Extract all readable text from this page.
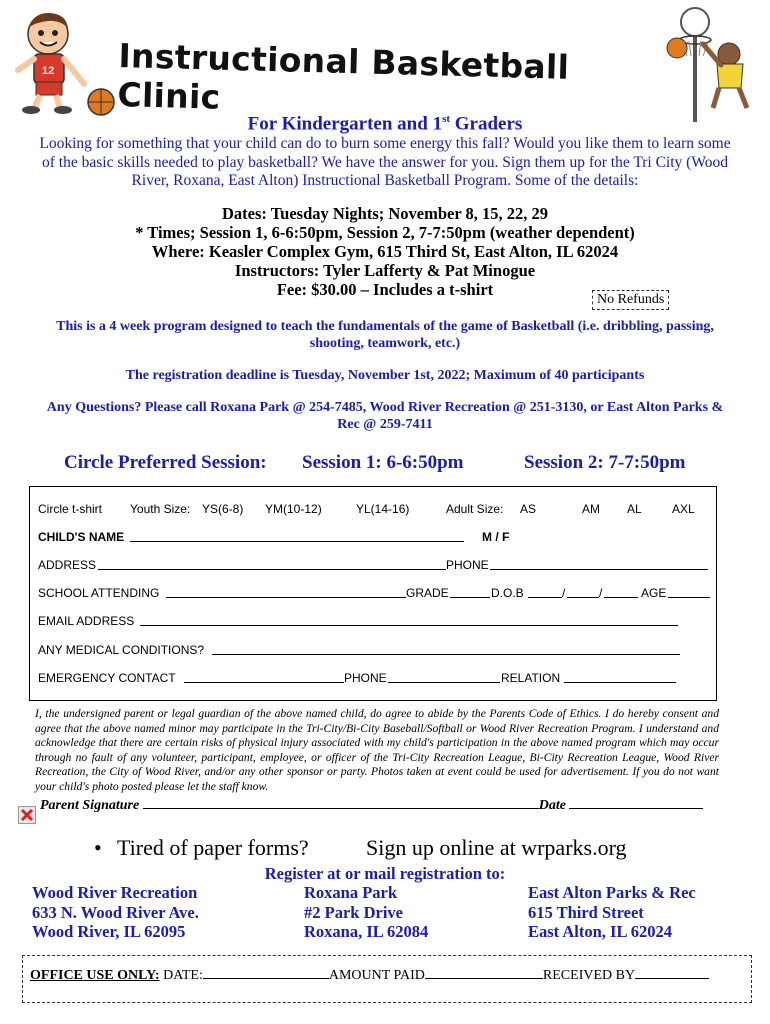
12 Instructional Basketball Clinic
For Kindergarten and 1st Graders
Looking for something that your child can do to burn some energy this fall? Would you like them to learn some of the basic skills needed to play basketball? We have the answer for you. Sign them up for the Tri City (Wood River, Roxana, East Alton) Instructional Basketball Program. Some of the details:
Dates: Tuesday Nights; November 8, 15, 22, 29
* Times; Session 1, 6-6:50pm, Session 2, 7-7:50pm (weather dependent)
Where: Keasler Complex Gym, 615 Third St, East Alton, IL 62024
Instructors: Tyler Lafferty & Pat Minogue
Fee: $30.00 – Includes a t-shirt
No Refunds
This is a 4 week program designed to teach the fundamentals of the game of Basketball (i.e. dribbling, passing, shooting, teamwork, etc.)
The registration deadline is Tuesday, November 1st, 2022; Maximum of 40 participants
Any Questions? Please call Roxana Park @ 254-7485, Wood River Recreation @ 251-3130, or East Alton Parks & Rec @ 259-7411
Circle Preferred Session: Session 1: 6-6:50pm	Session 2: 7-7:50pm
Circle t-shirt Youth Size: YS(6-8) YM(10-12)	YL(14-16)	Adult Size: AS	AM AL	AXL
CHILD'S NAME	M / F
ADDRESS	PHONE
SCHOOL ATTENDING	GRADE	D.O.B	/	/	AGE
EMAIL ADDRESS
ANY MEDICAL CONDITIONS?
EMERGENCY CONTACT	PHONE	RELATION
I, the undersigned parent or legal guardian of the above named child, do agree to abide by the Parents Code of Ethics. I do hereby consent and agree that the above named minor may participate in the Tri-City/Bi-City Baseball/Softball or Wood River Recreation Program. I understand and acknowledge that there are certain risks of physical injury associated with my child's participation in the above named program which may occur through no fault of any volunteer, participant, employee, or officer of the Tri-City Recreation League, Bi-City Recreation League, Wood River Recreation, the City of Wood River, and/or any other sponsor or party. Photos taken at event could be used for advertisement. If you do not want your child's photo posted please let the staff know.
Parent Signature	Date
• Tired of paper forms?	Sign up online at wrparks.org
Register at or mail registration to:
Wood River Recreation
633 N. Wood River Ave.
Wood River, IL 62095
Roxana Park
#2 Park Drive
Roxana, IL 62084
East Alton Parks & Rec
615 Third Street
East Alton, IL 62024
OFFICE USE ONLY: DATE:	AMOUNT PAID	RECEIVED BY
